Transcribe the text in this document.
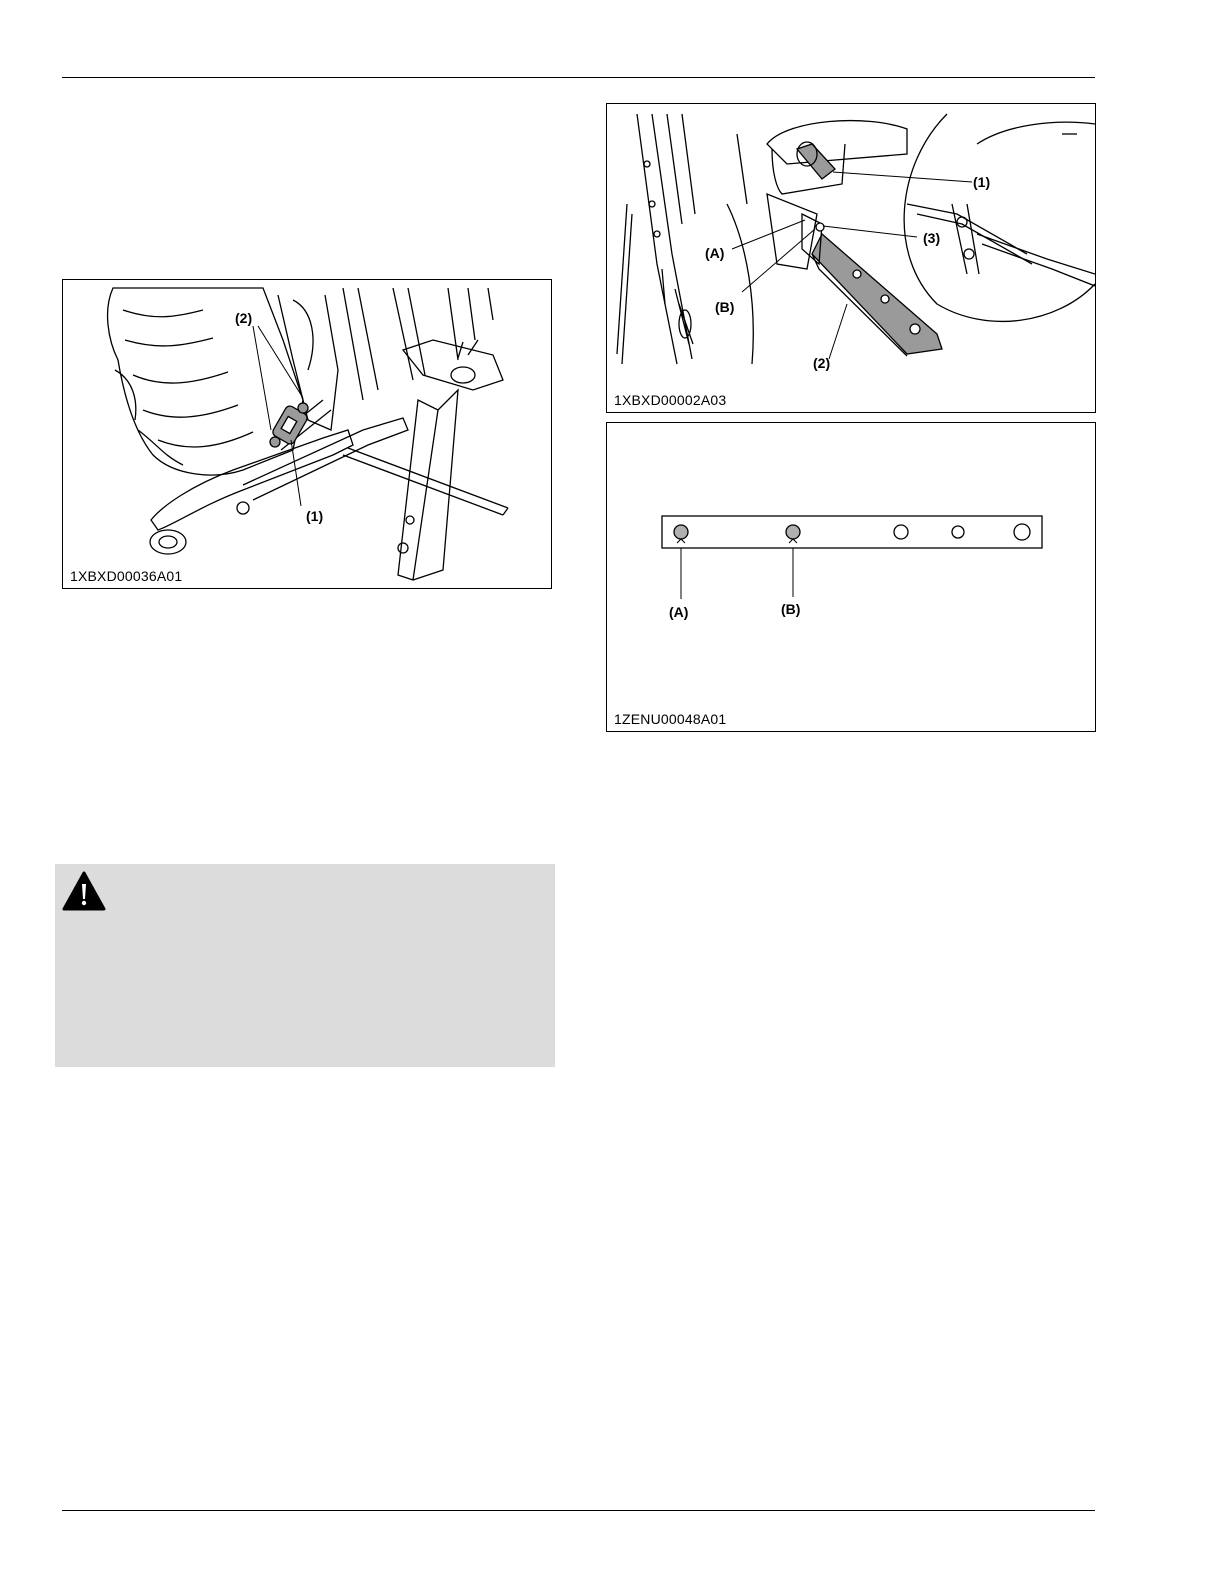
(2)
(1)
1XBXD00036A01
(1)
(3)
(A)
(B)
(2)
1XBXD00002A03
(A)	(B)
1ZENU00048A01
